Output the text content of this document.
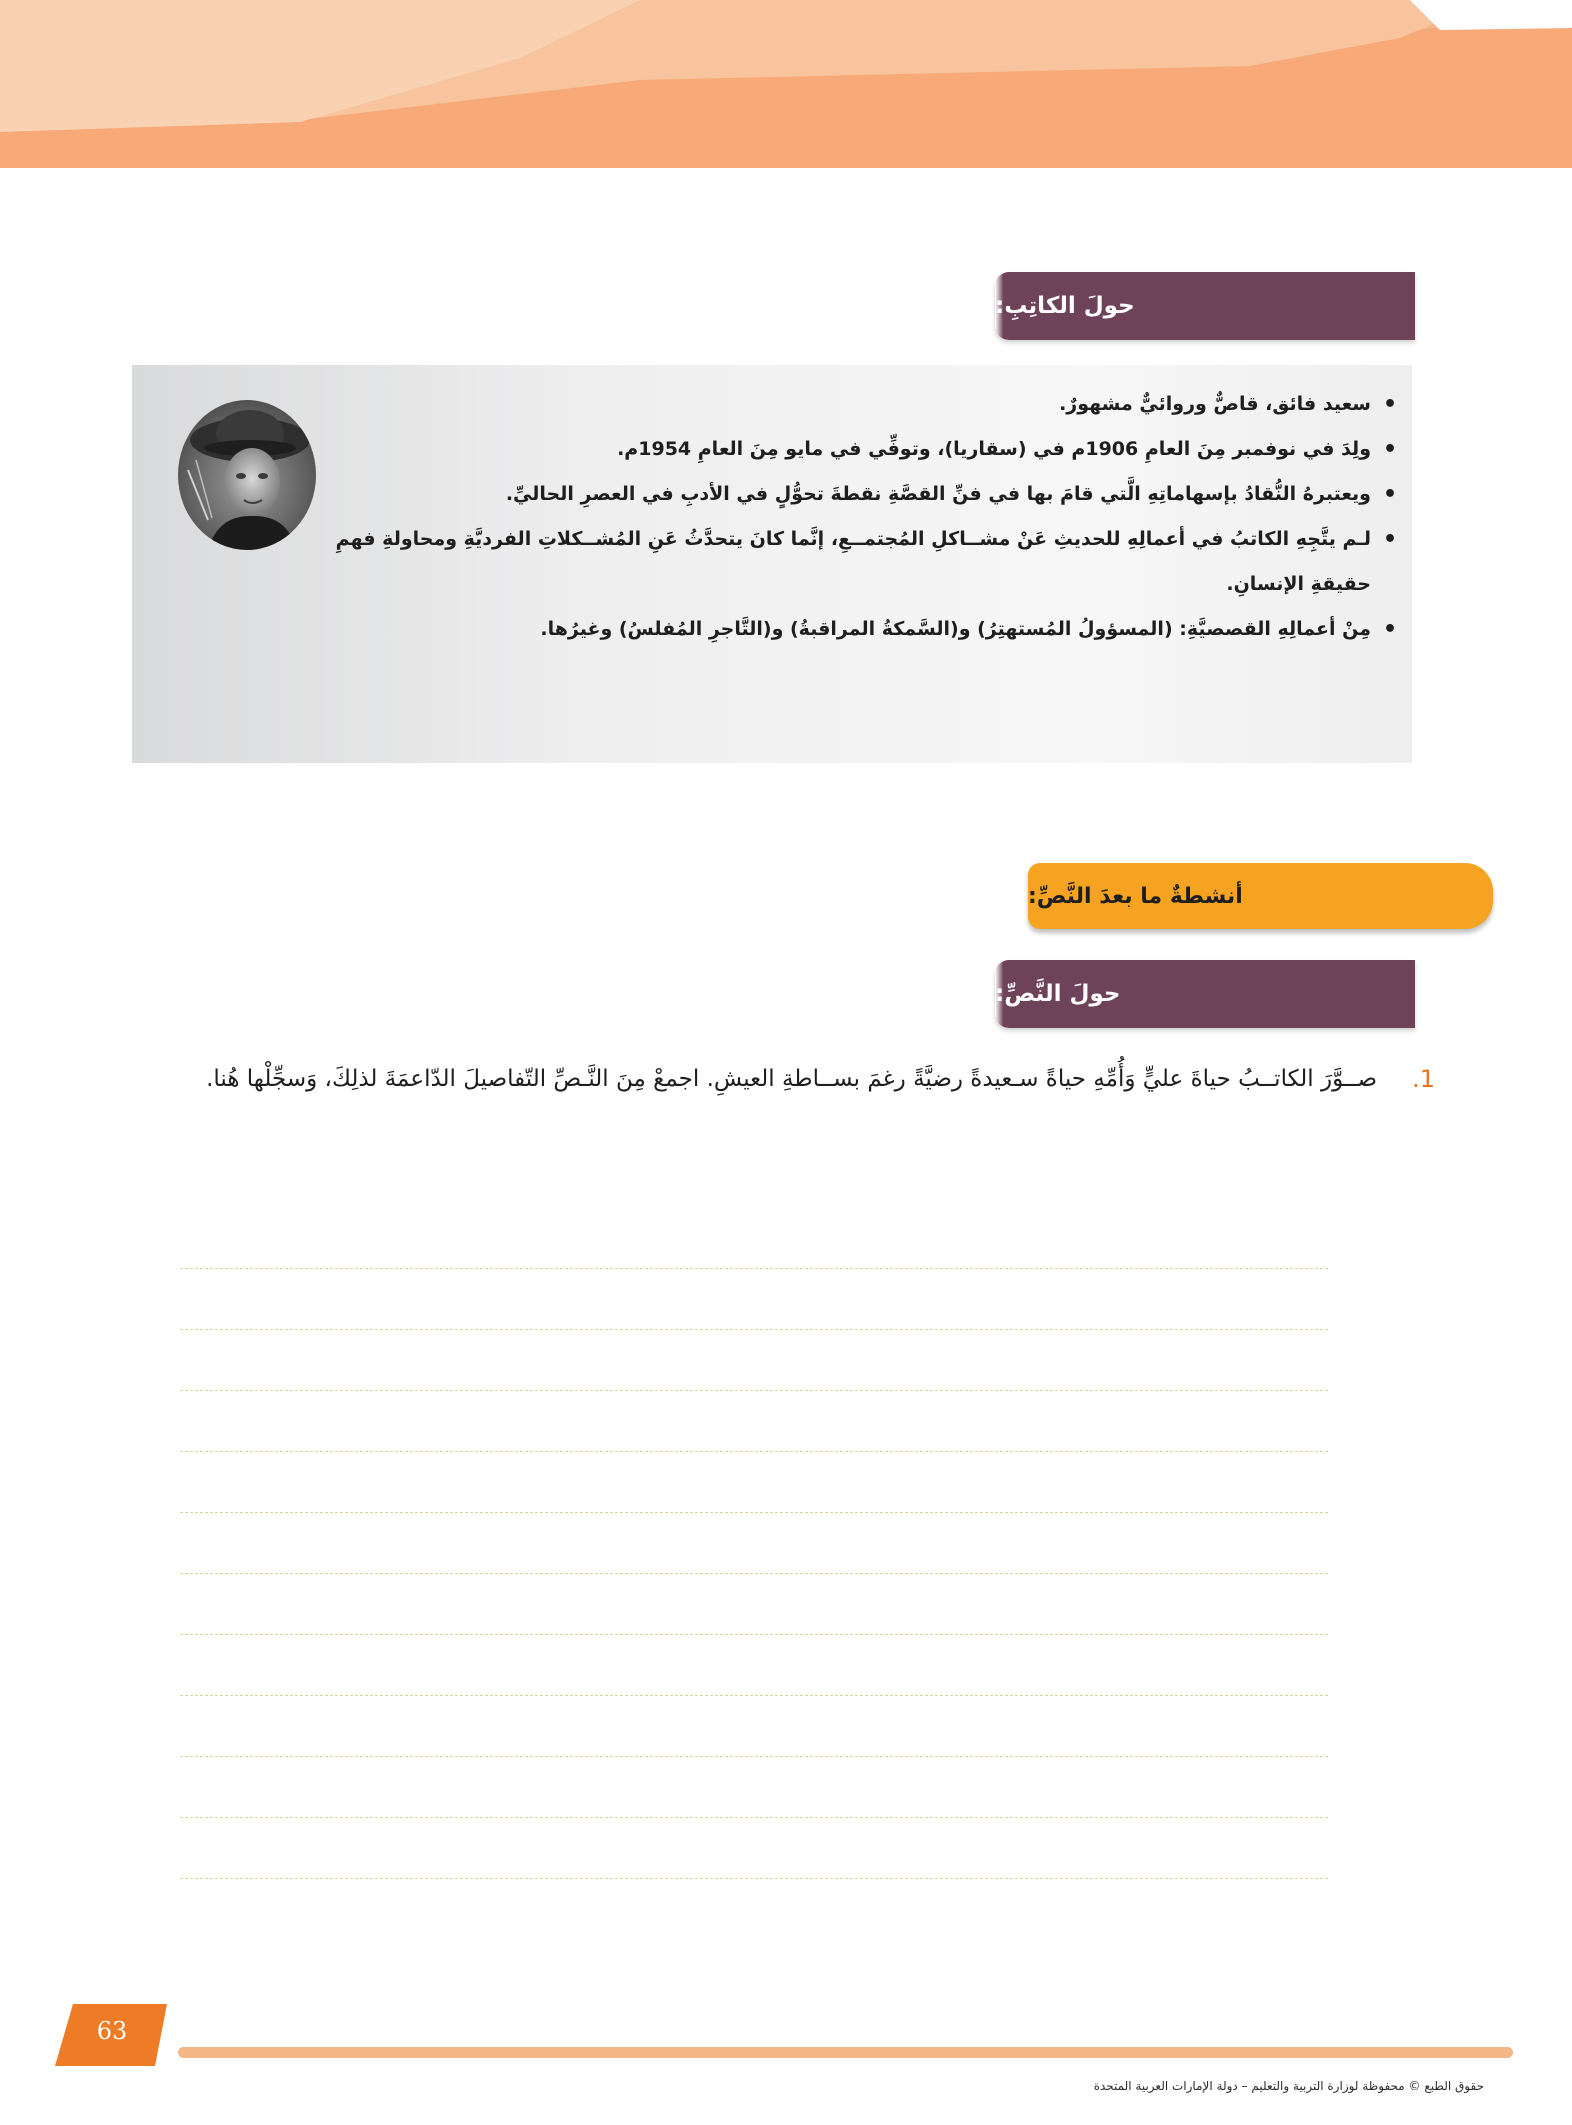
حولَ الكاتِبِ:
• سعيد فائق، قاصٌّ وروائيٌّ مشهورٌ.
• ولِدَ في نوفمبر مِنَ العامِ 1906م في (سقاريا)، وتوفِّي في مايو مِنَ العامِ 1954م.
• ويعتبرهُ النُّقادُ بإسهاماتِهِ الَّتي قامَ بها في فنِّ القصَّةِ نقطةَ تحوُّلٍ في الأدبِ في العصرِ الحاليِّ.
• لـم يتَّجِهِ الكاتبُ في أعمالِهِ للحديثِ عَنْ مشــاكلِ المُجتمــعِ، إنَّما كانَ يتحدَّثُ عَنِ المُشــكلاتِ الفرديَّةِ ومحاولةِ فهمِ حقيقةِ الإنسانِ.
• مِنْ أعمالِهِ القصصيَّةِ: (المسؤولُ المُستهتِرُ) و(السَّمكةُ المراقبةُ) و(التَّاجرِ المُفلسُ) وغيرُها.
أنشطةٌ ما بعدَ النَّصِّ:
حولَ النَّصِّ:
1.
صــوَّرَ الكاتــبُ حياةَ عليٍّ وَأُمِّهِ حياةً سـعيدةً رضيَّةً رغمَ بســاطةِ العيشِ. اجمعْ مِنَ النَّـصِّ التّفاصيلَ الدّاعمَةَ لذلِكَ، وَسجِّلْها هُنا.
63
حقوق الطبع © محفوظة لوزارة التربية والتعليم – دولة الإمارات العربية المتحدة
